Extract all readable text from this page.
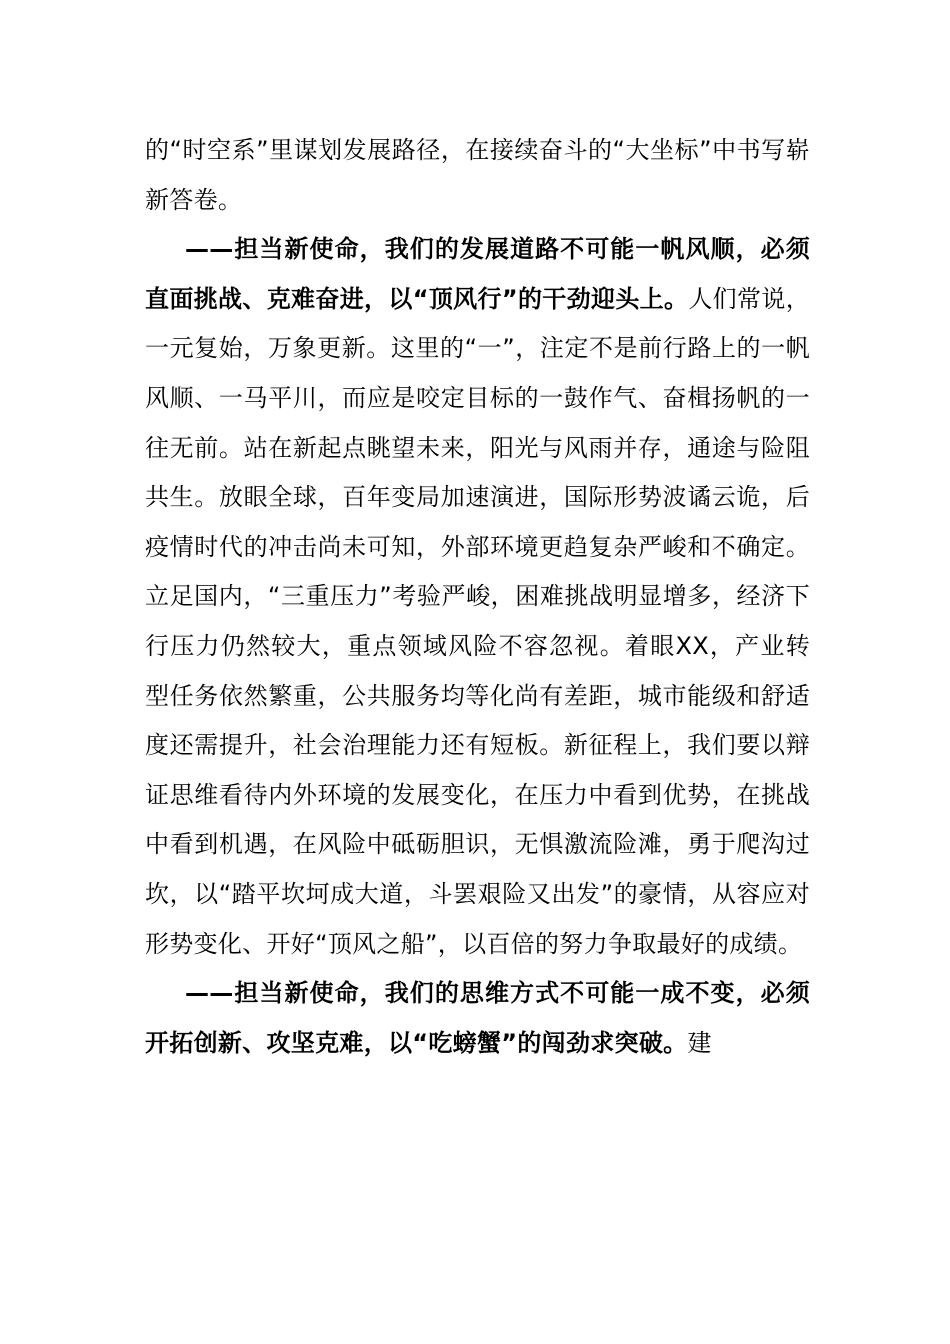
的“时空系”里谋划发展路径，在接续奋斗的“大坐标”中书写崭新答卷。

——担当新使命，我们的发展道路不可能一帆风顺，必须直面挑战、克难奋进，以“顶风行”的干劲迎头上。人们常说，一元复始，万象更新。这里的“一”，注定不是前行路上的一帆风顺、一马平川，而应是咬定目标的一鼓作气、奋楫扬帆的一往无前。站在新起点眺望未来，阳光与风雨并存，通途与险阻共生。放眼全球，百年变局加速演进，国际形势波谲云诡，后疫情时代的冲击尚未可知，外部环境更趋复杂严峻和不确定。立足国内，“三重压力”考验严峻，困难挑战明显增多，经济下行压力仍然较大，重点领域风险不容忽视。着眼XX，产业转型任务依然繁重，公共服务均等化尚有差距，城市能级和舒适度还需提升，社会治理能力还有短板。新征程上，我们要以辩证思维看待内外环境的发展变化，在压力中看到优势，在挑战中看到机遇，在风险中砥砺胆识，无惧激流险滩，勇于爬沟过坎，以“踏平坎坷成大道，斗罢艰险又出发”的豪情，从容应对形势变化、开好“顶风之船”，以百倍的努力争取最好的成绩。

——担当新使命，我们的思维方式不可能一成不变，必须开拓创新、攻坚克难，以“吃螃蟹”的闯劲求突破。建
